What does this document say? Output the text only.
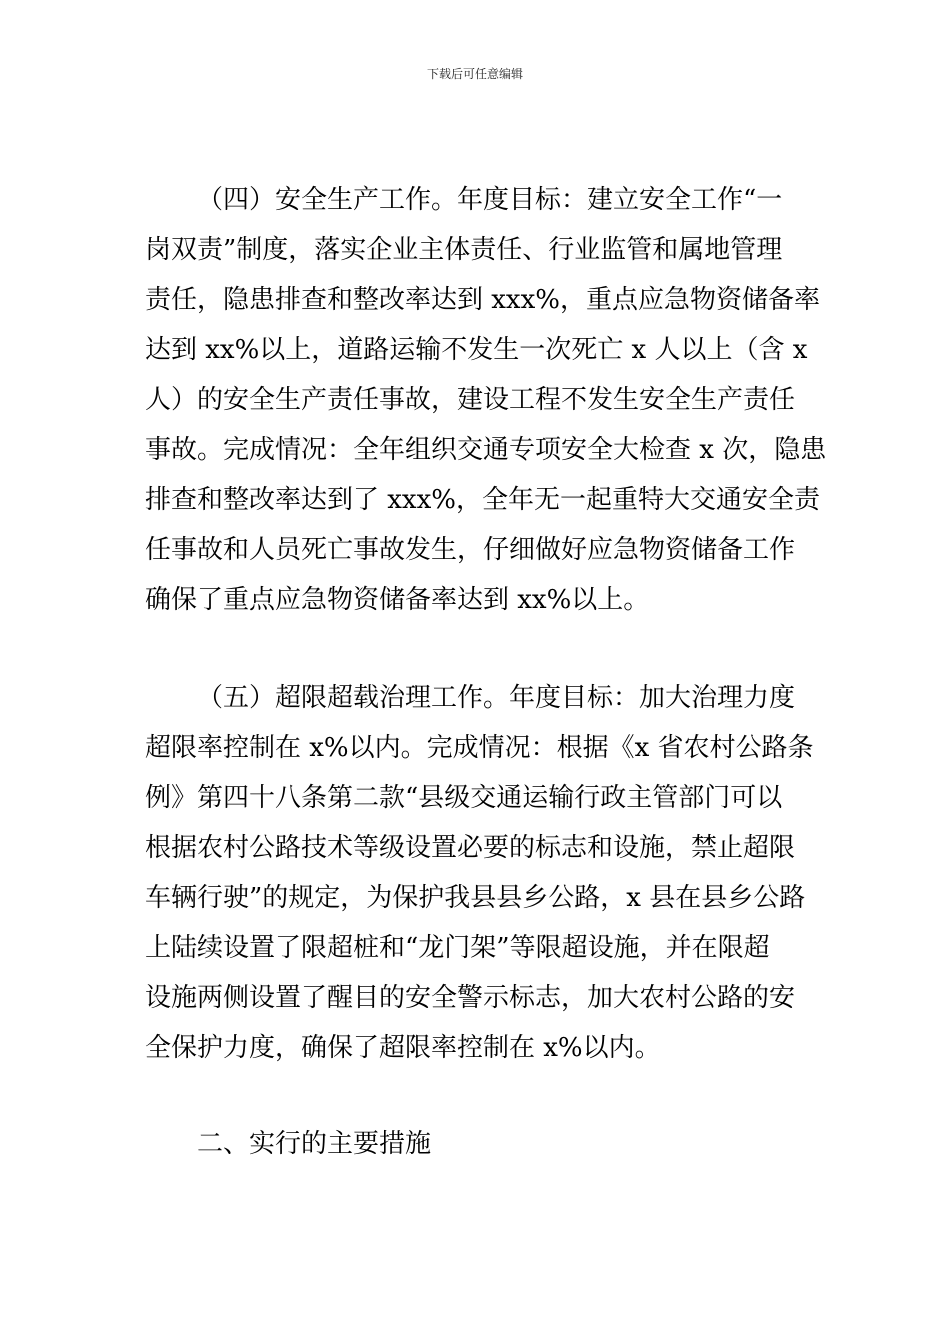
下载后可任意编辑
（四）安全生产工作。年度目标：建立安全工作“一
岗双责”制度，落实企业主体责任、行业监管和属地管理
责任，隐患排查和整改率达到 xxx%，重点应急物资储备率
达到 xx%以上，道路运输不发生一次死亡 x 人以上（含 x
人）的安全生产责任事故，建设工程不发生安全生产责任
事故。完成情况：全年组织交通专项安全大检查 x 次，隐患
排查和整改率达到了 xxx%，全年无一起重特大交通安全责
任事故和人员死亡事故发生，仔细做好应急物资储备工作
确保了重点应急物资储备率达到 xx%以上。
（五）超限超载治理工作。年度目标：加大治理力度
超限率控制在 x%以内。完成情况：根据《x 省农村公路条
例》第四十八条第二款“县级交通运输行政主管部门可以
根据农村公路技术等级设置必要的标志和设施，禁止超限
车辆行驶”的规定，为保护我县县乡公路，x 县在县乡公路
上陆续设置了限超桩和“龙门架”等限超设施，并在限超
设施两侧设置了醒目的安全警示标志，加大农村公路的安
全保护力度，确保了超限率控制在 x%以内。
二、实行的主要措施
